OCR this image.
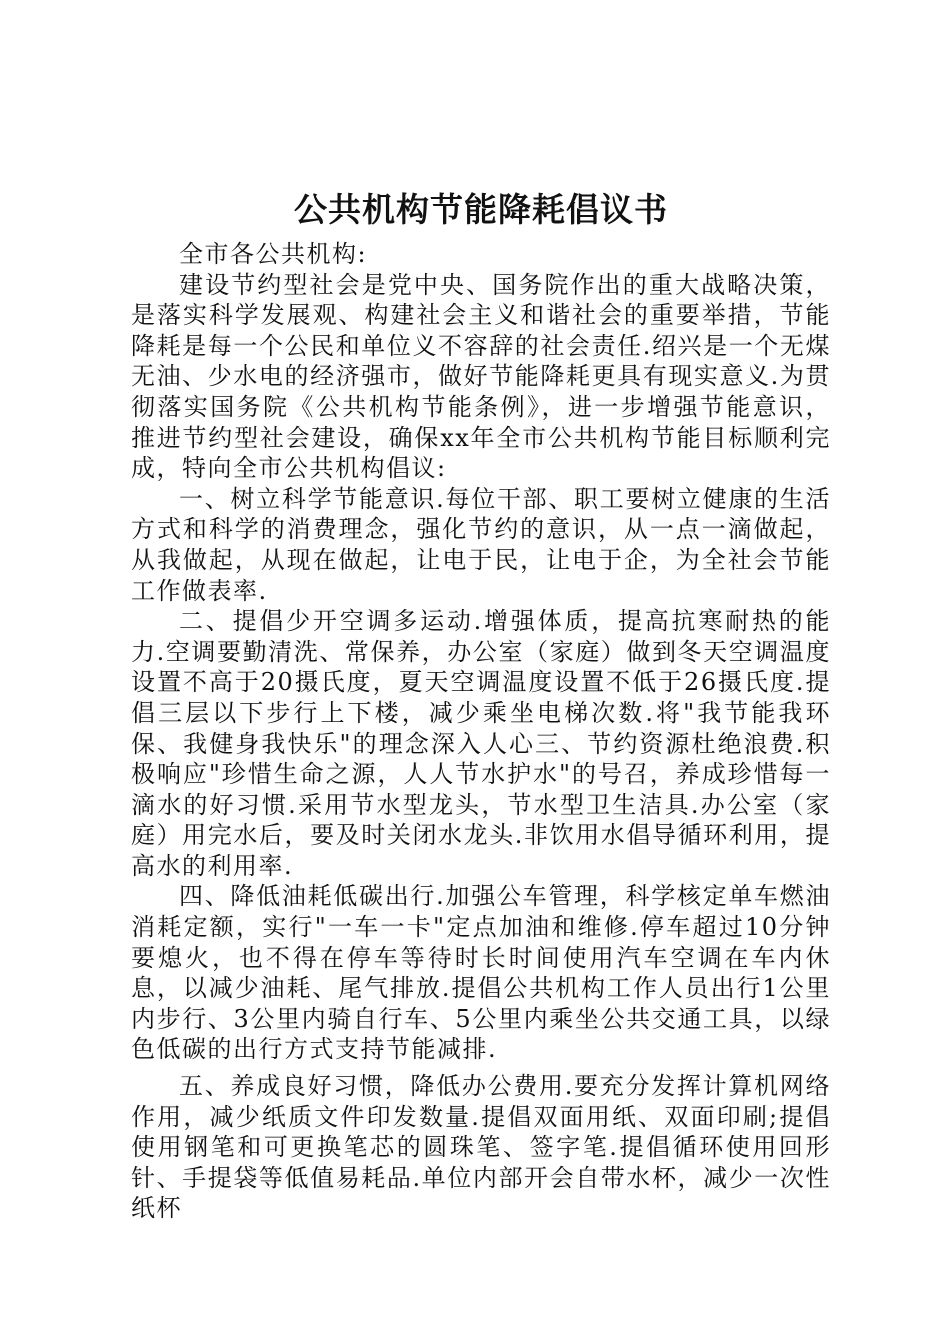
公共机构节能降耗倡议书

全市各公共机构:

建设节约型社会是党中央、国务院作出的重大战略决策，是落实科学发展观、构建社会主义和谐社会的重要举措，节能降耗是每一个公民和单位义不容辞的社会责任.绍兴是一个无煤无油、少水电的经济强市，做好节能降耗更具有现实意义.为贯彻落实国务院《公共机构节能条例》，进一步增强节能意识，推进节约型社会建设，确保xx年全市公共机构节能目标顺利完成，特向全市公共机构倡议:

一、树立科学节能意识.每位干部、职工要树立健康的生活方式和科学的消费理念，强化节约的意识，从一点一滴做起，从我做起，从现在做起，让电于民，让电于企，为全社会节能工作做表率.

二、提倡少开空调多运动.增强体质，提高抗寒耐热的能力.空调要勤清洗、常保养，办公室（家庭）做到冬天空调温度设置不高于20摄氏度，夏天空调温度设置不低于26摄氏度.提倡三层以下步行上下楼，减少乘坐电梯次数.将"我节能我环保、我健身我快乐"的理念深入人心三、节约资源杜绝浪费.积极响应"珍惜生命之源，人人节水护水"的号召，养成珍惜每一滴水的好习惯.采用节水型龙头，节水型卫生洁具.办公室（家庭）用完水后，要及时关闭水龙头.非饮用水倡导循环利用，提高水的利用率.

四、降低油耗低碳出行.加强公车管理，科学核定单车燃油消耗定额，实行"一车一卡"定点加油和维修.停车超过10分钟要熄火，也不得在停车等待时长时间使用汽车空调在车内休息，以减少油耗、尾气排放.提倡公共机构工作人员出行1公里内步行、3公里内骑自行车、5公里内乘坐公共交通工具，以绿色低碳的出行方式支持节能减排.

五、养成良好习惯，降低办公费用.要充分发挥计算机网络作用，减少纸质文件印发数量.提倡双面用纸、双面印刷;提倡使用钢笔和可更换笔芯的圆珠笔、签字笔.提倡循环使用回形针、手提袋等低值易耗品.单位内部开会自带水杯，减少一次性纸杯
